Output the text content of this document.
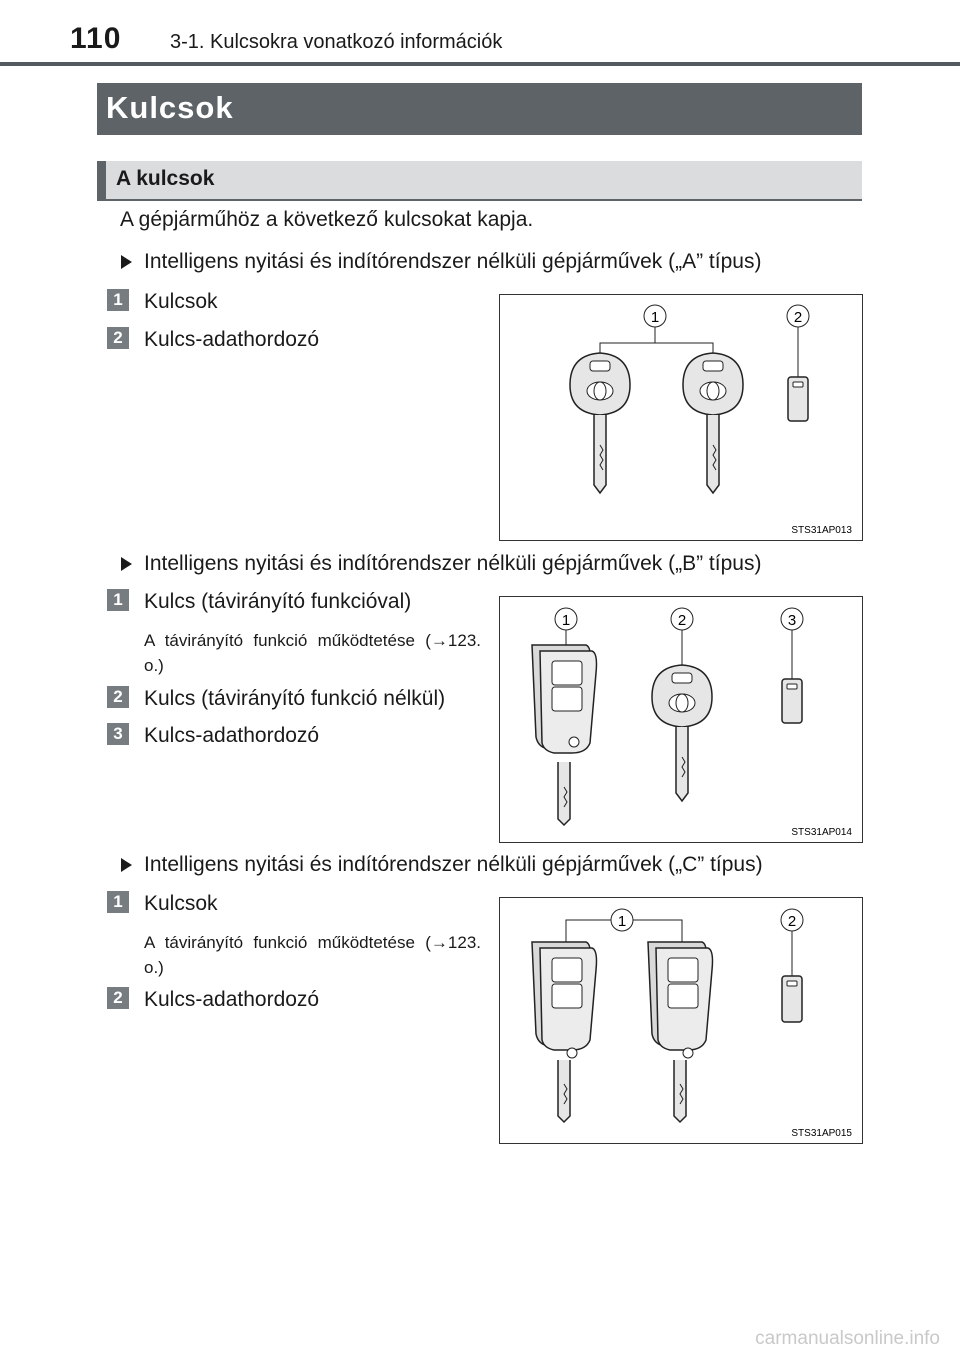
110 3-1. Kulcsokra vonatkozó információk
Kulcsok
A kulcsok
A gépjárműhöz a következő kulcsokat kapja.
Intelligens nyitási és indítórendszer nélküli gépjárművek („A” típus)
1 Kulcsok
2 Kulcs-adathordozó
1	2
STS31AP013
Intelligens nyitási és indítórendszer nélküli gépjárművek („B” típus)
1 Kulcs (távirányító funkcióval)
A távirányító funkció működtetése (→123. o.)
2 Kulcs (távirányító funkció nélkül)
3 Kulcs-adathordozó
1	2	3
STS31AP014
Intelligens nyitási és indítórendszer nélküli gépjárművek („C” típus)
1 Kulcsok
A távirányító funkció működtetése (→123. o.)
2 Kulcs-adathordozó
1	2
STS31AP015
carmanualsonline.info
